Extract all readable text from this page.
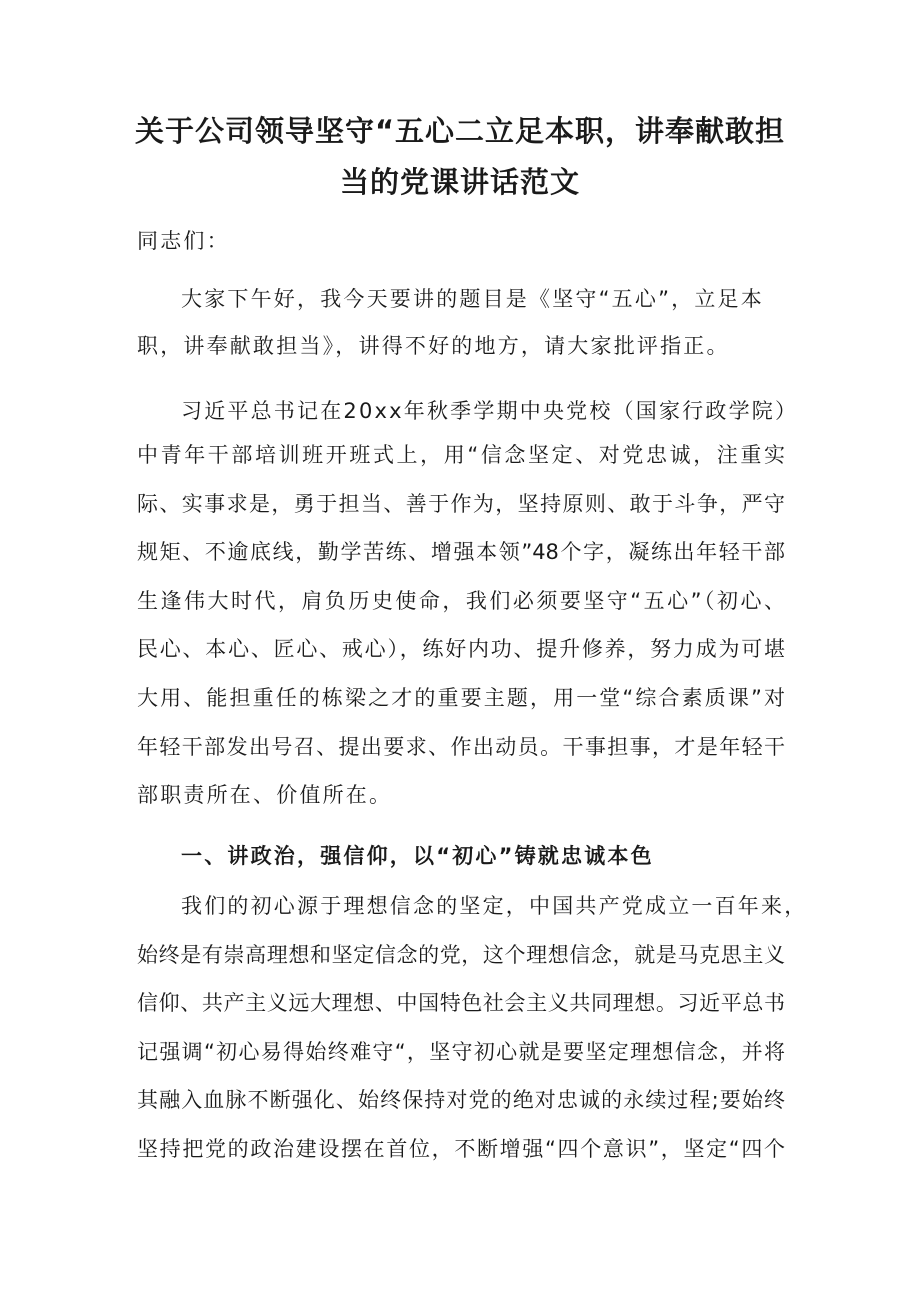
关于公司领导坚守“五心二立足本职，讲奉献敢担
当的党课讲话范文
同志们：
大家下午好，我今天要讲的题目是《坚守“五心”，立足本
职，讲奉献敢担当》，讲得不好的地方，请大家批评指正。
习近平总书记在20xx年秋季学期中央党校（国家行政学院）
中青年干部培训班开班式上，用“信念坚定、对党忠诚，注重实
际、实事求是，勇于担当、善于作为，坚持原则、敢于斗争，严守
规矩、不逾底线，勤学苦练、增强本领”48个字，凝练出年轻干部
生逢伟大时代，肩负历史使命，我们必须要坚守“五心”（初心、
民心、本心、匠心、戒心），练好内功、提升修养，努力成为可堪
大用、能担重任的栋梁之才的重要主题，用一堂“综合素质课”对
年轻干部发出号召、提出要求、作出动员。干事担事，才是年轻干
部职责所在、价值所在。
一、讲政治，强信仰，以“初心”铸就忠诚本色
我们的初心源于理想信念的坚定，中国共产党成立一百年来，
始终是有崇高理想和坚定信念的党，这个理想信念，就是马克思主义
信仰、共产主义远大理想、中国特色社会主义共同理想。习近平总书
记强调“初心易得始终难守“，坚守初心就是要坚定理想信念，并将
其融入血脉不断强化、始终保持对党的绝对忠诚的永续过程;要始终
坚持把党的政治建设摆在首位，不断增强“四个意识”，坚定“四个
